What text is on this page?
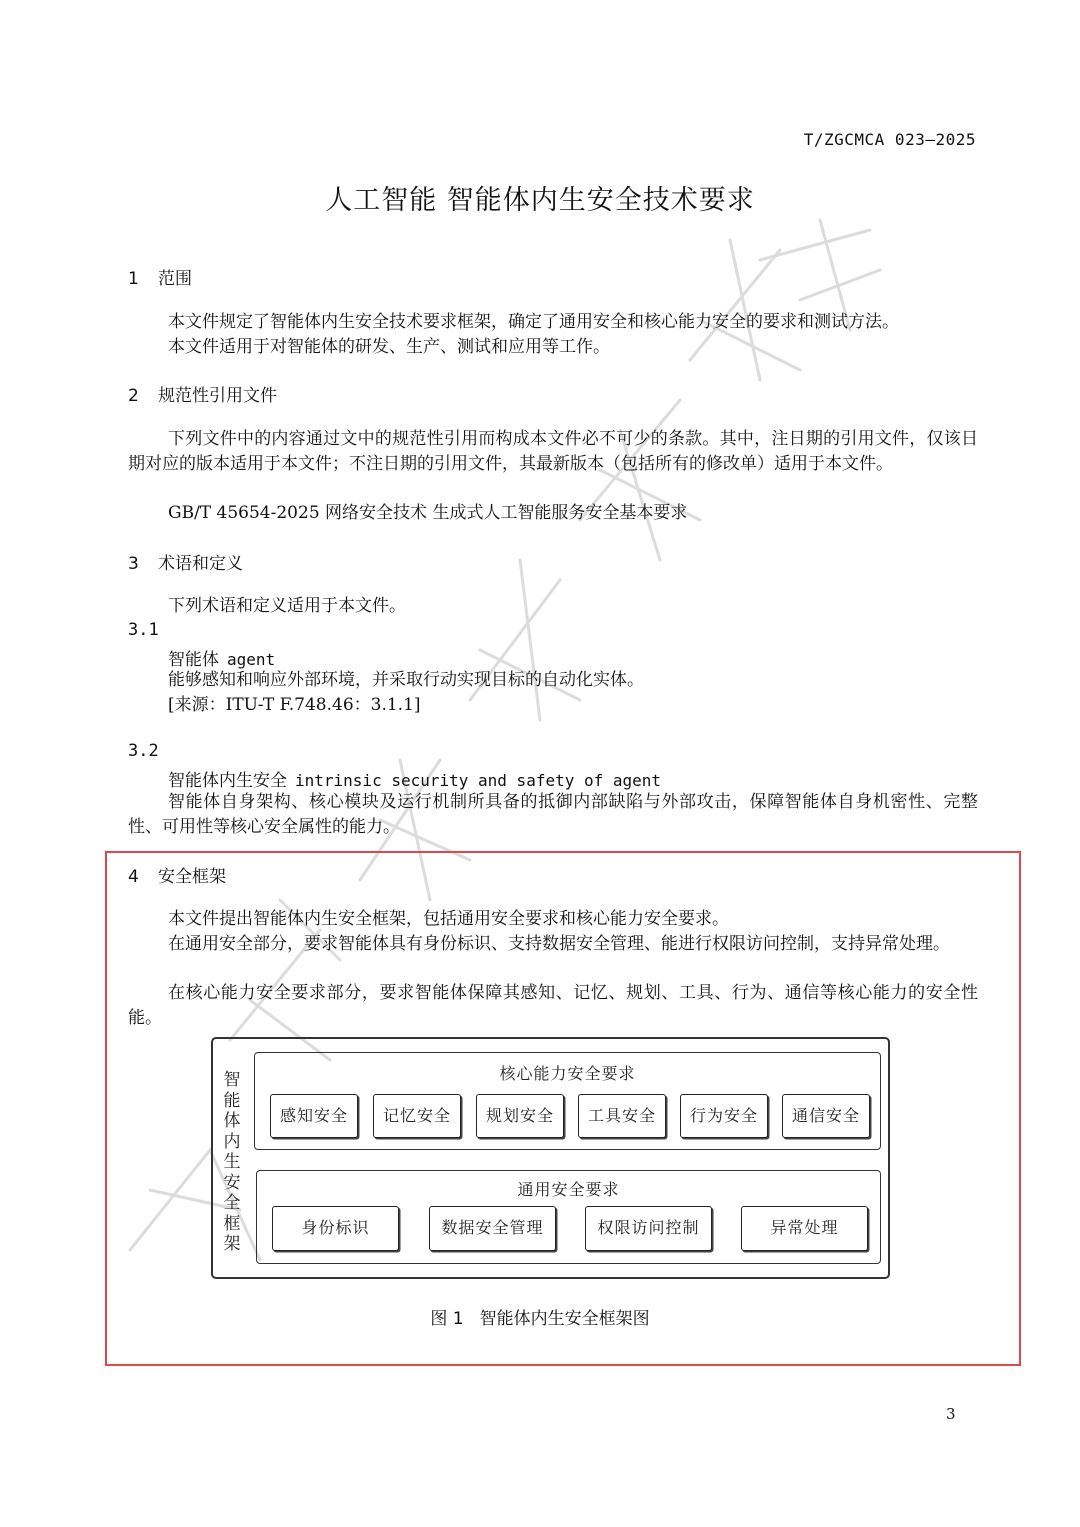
T/ZGCMCA 023—2025
人工智能 智能体内生安全技术要求
1 范围
本文件规定了智能体内生安全技术要求框架，确定了通用安全和核心能力安全的要求和测试方法。
本文件适用于对智能体的研发、生产、测试和应用等工作。
2 规范性引用文件
下列文件中的内容通过文中的规范性引用而构成本文件必不可少的条款。其中，注日期的引用文件，仅该日期对应的版本适用于本文件；不注日期的引用文件，其最新版本（包括所有的修改单）适用于本文件。
GB/T 45654-2025 网络安全技术 生成式人工智能服务安全基本要求
3 术语和定义
下列术语和定义适用于本文件。
3.1
智能体 agent
能够感知和响应外部环境，并采取行动实现目标的自动化实体。
[来源：ITU-T F.748.46：3.1.1]
3.2
智能体内生安全 intrinsic security and safety of agent
智能体自身架构、核心模块及运行机制所具备的抵御内部缺陷与外部攻击，保障智能体自身机密性、完整性、可用性等核心安全属性的能力。
4 安全框架
本文件提出智能体内生安全框架，包括通用安全要求和核心能力安全要求。
在通用安全部分，要求智能体具有身份标识、支持数据安全管理、能进行权限访问控制，支持异常处理。
在核心能力安全要求部分，要求智能体保障其感知、记忆、规划、工具、行为、通信等核心能力的安全性能。
智
能
体
内
生
安
全
框
架
核心能力安全要求
感知安全	记忆安全	规划安全	工具安全	行为安全	通信安全
通用安全要求
身份标识	数据安全管理	权限访问控制	异常处理
图 1 智能体内生安全框架图
3
